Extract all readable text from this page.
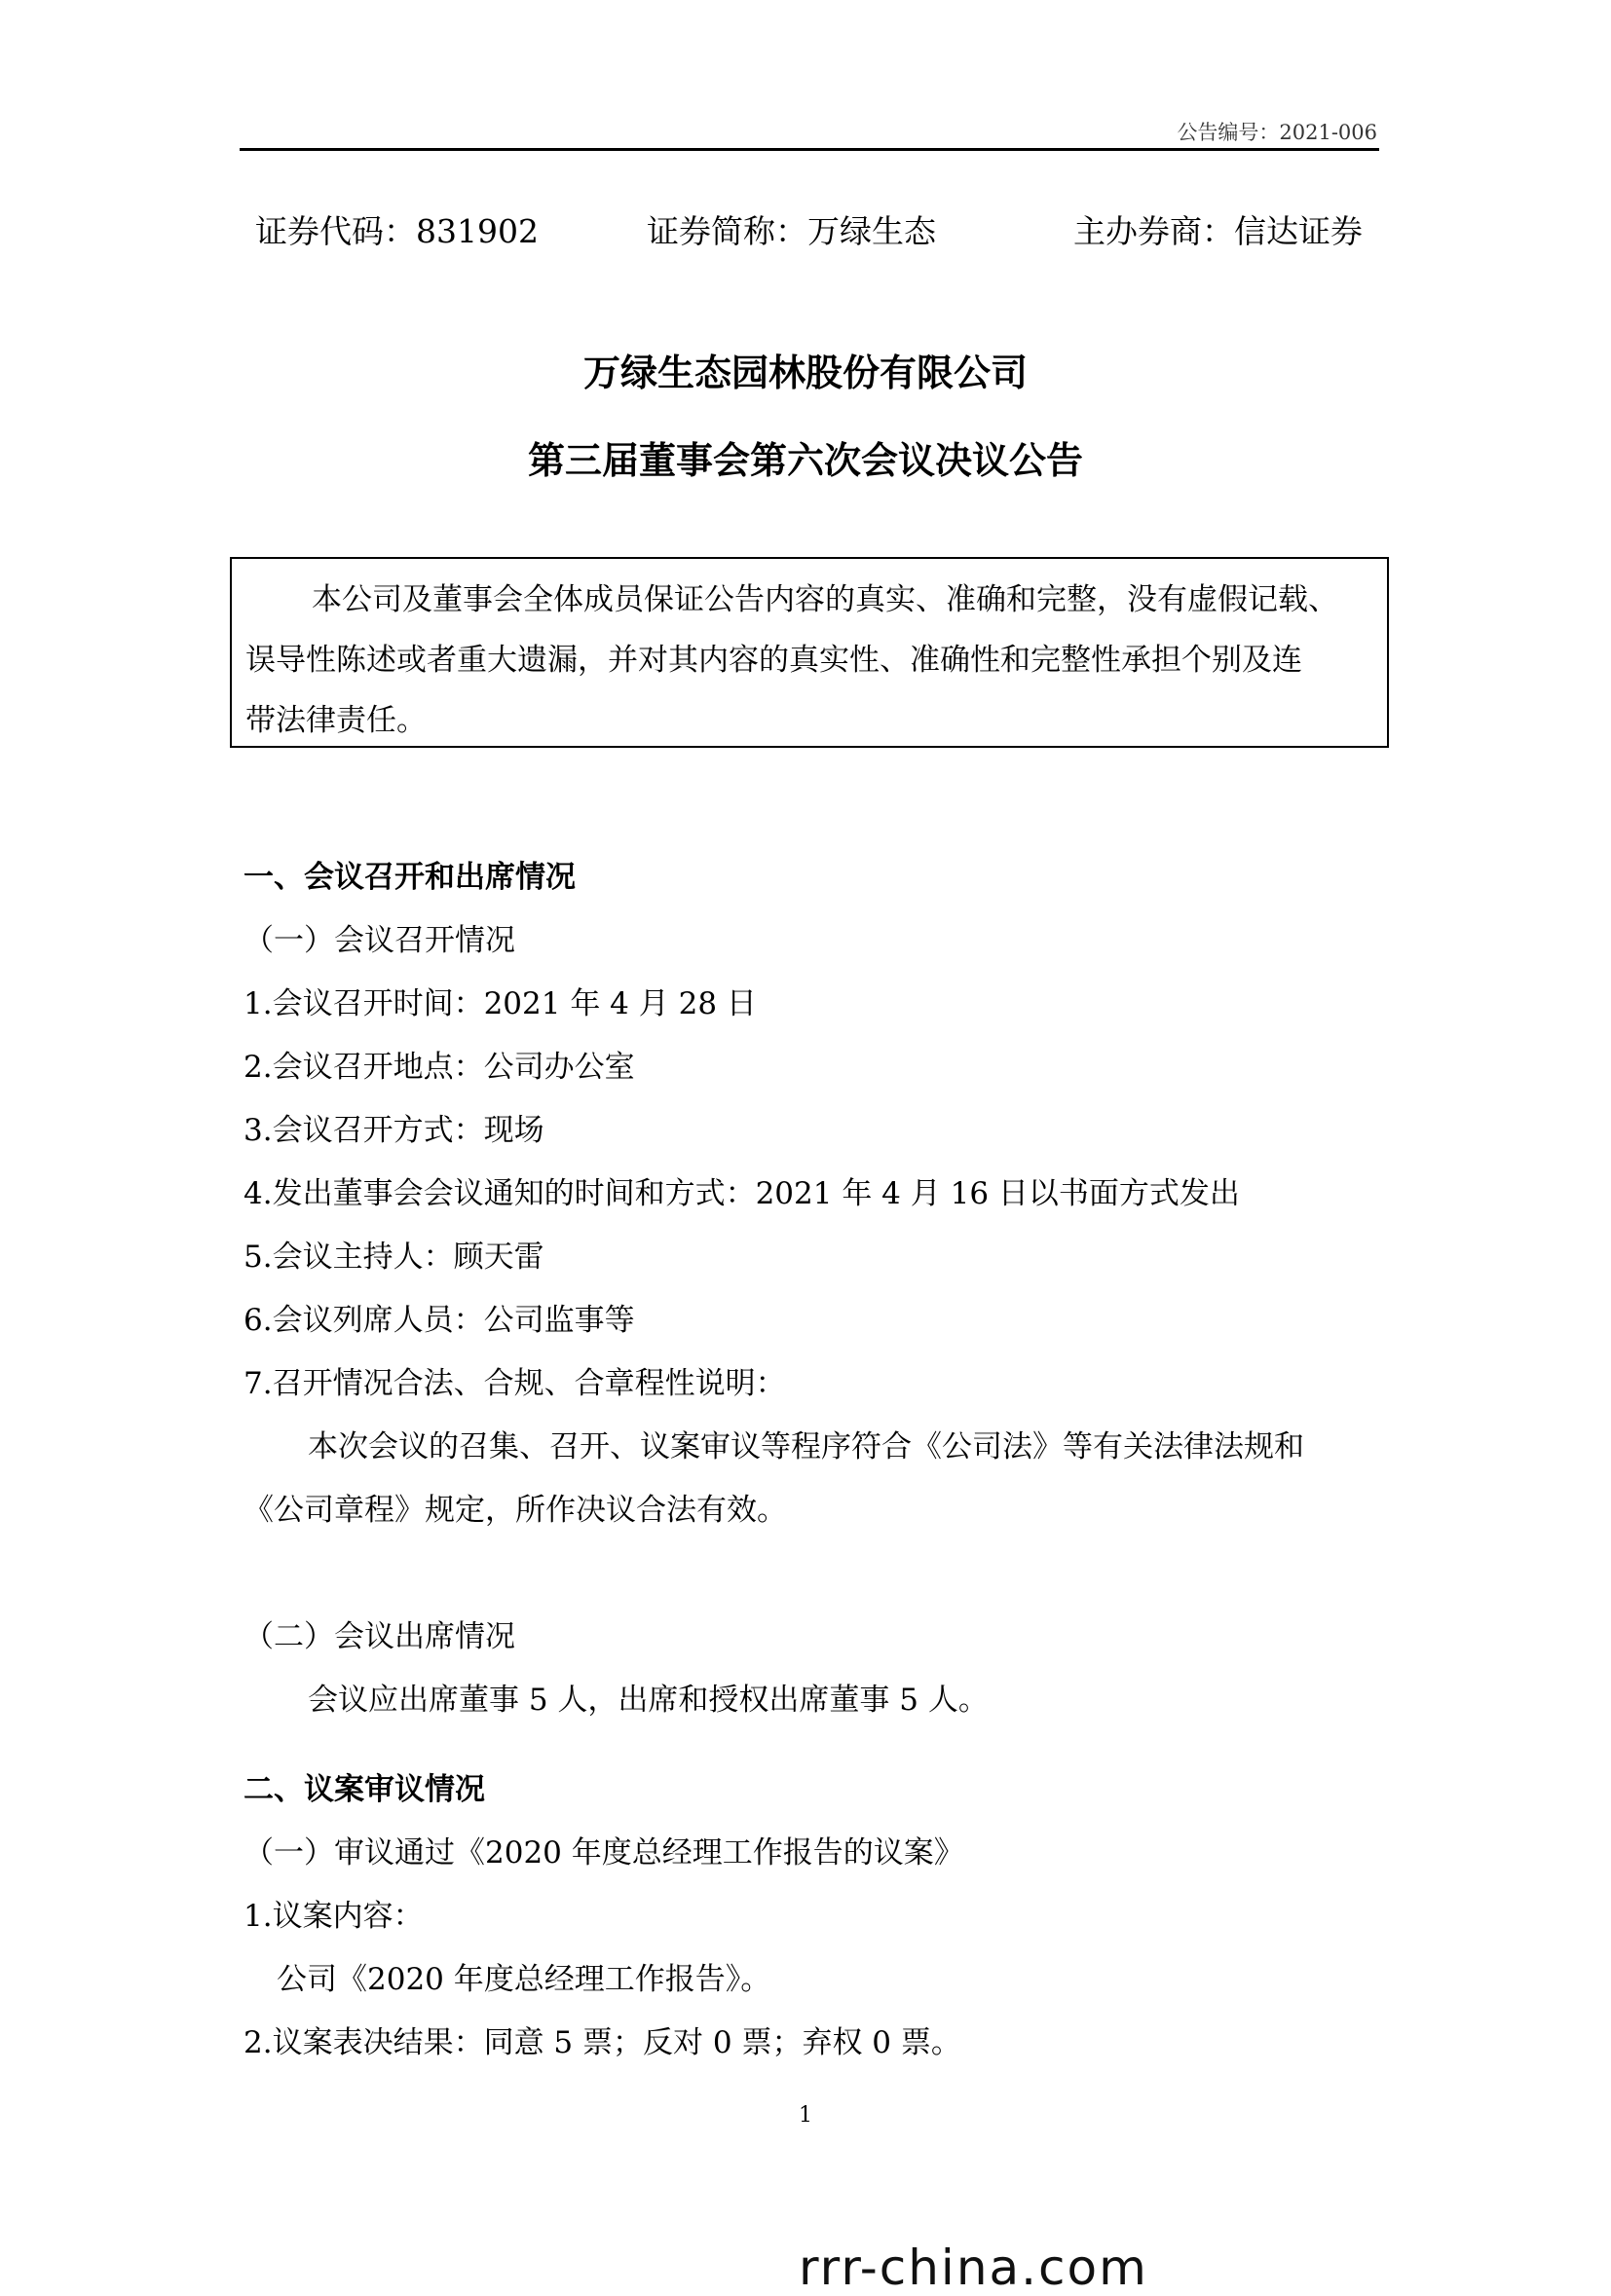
公告编号：2021-006
证券代码：831902	证券简称：万绿生态	主办券商：信达证券
万绿生态园林股份有限公司
第三届董事会第六次会议决议公告

本公司及董事会全体成员保证公告内容的真实、准确和完整，没有虚假记载、

误导性陈述或者重大遗漏，并对其内容的真实性、准确性和完整性承担个别及连

带法律责任。

一、会议召开和出席情况
（一）会议召开情况
1.会议召开时间：2021 年 4 月 28 日
2.会议召开地点：公司办公室
3.会议召开方式：现场
4.发出董事会会议通知的时间和方式：2021 年 4 月 16 日以书面方式发出
5.会议主持人：顾天雷
6.会议列席人员：公司监事等
7.召开情况合法、合规、合章程性说明：
本次会议的召集、召开、议案审议等程序符合《公司法》等有关法律法规和
《公司章程》规定，所作决议合法有效。
（二）会议出席情况
会议应出席董事 5 人，出席和授权出席董事 5 人。
二、议案审议情况
（一）审议通过《2020 年度总经理工作报告的议案》
1.议案内容：
公司《2020 年度总经理工作报告》。
2.议案表决结果：同意 5 票；反对 0 票；弃权 0 票。
1
rrr-china.com
